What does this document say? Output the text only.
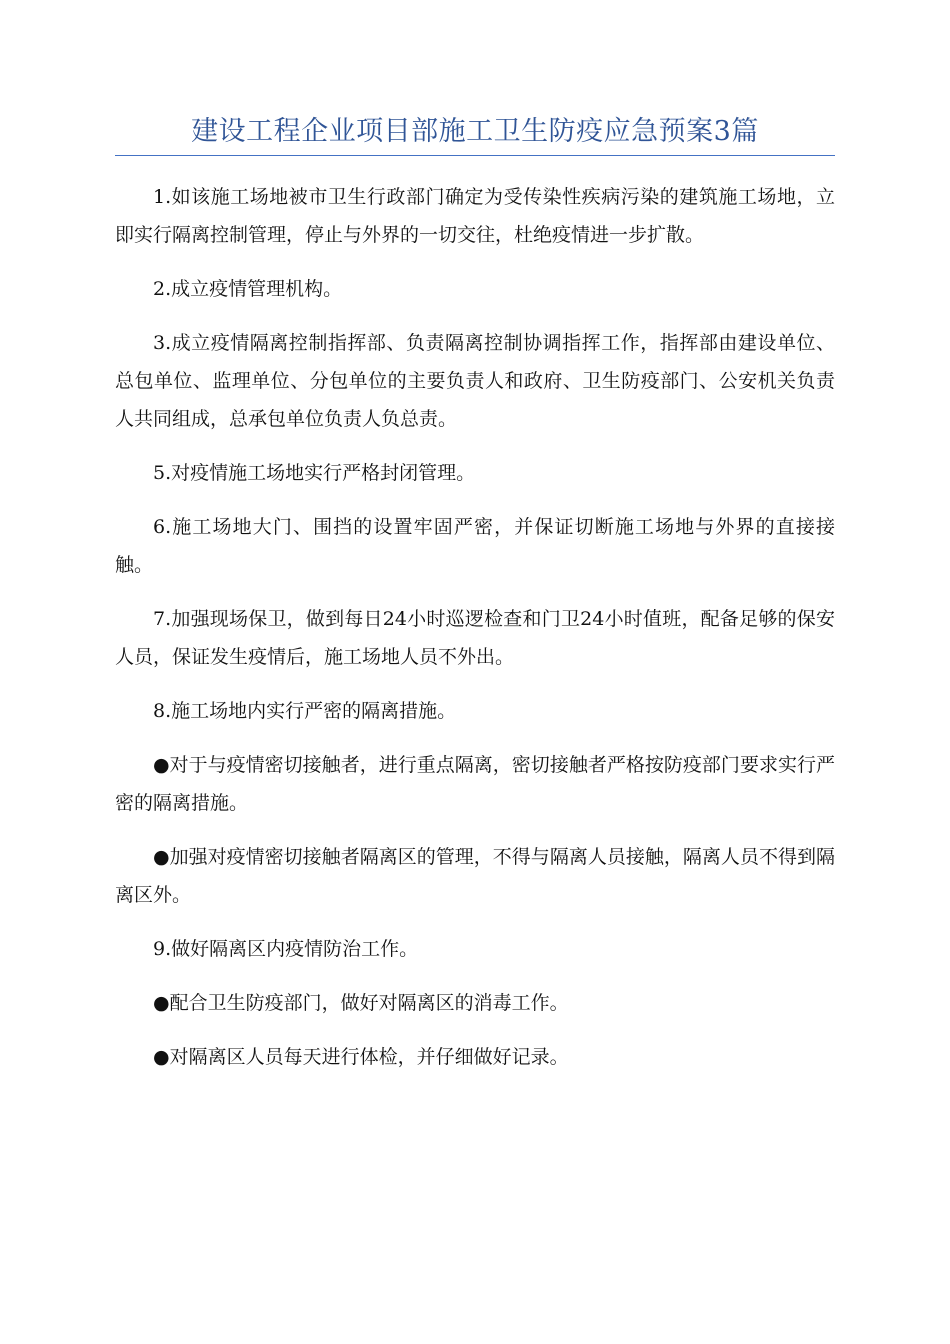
建设工程企业项目部施工卫生防疫应急预案3篇

1.如该施工场地被市卫生行政部门确定为受传染性疾病污染的建筑施工场地，立即实行隔离控制管理，停止与外界的一切交往，杜绝疫情进一步扩散。

2.成立疫情管理机构。

3.成立疫情隔离控制指挥部、负责隔离控制协调指挥工作，指挥部由建设单位、总包单位、监理单位、分包单位的主要负责人和政府、卫生防疫部门、公安机关负责人共同组成，总承包单位负责人负总责。

5.对疫情施工场地实行严格封闭管理。

6.施工场地大门、围挡的设置牢固严密，并保证切断施工场地与外界的直接接触。

7.加强现场保卫，做到每日24小时巡逻检查和门卫24小时值班，配备足够的保安人员，保证发生疫情后，施工场地人员不外出。

8.施工场地内实行严密的隔离措施。

●对于与疫情密切接触者，进行重点隔离，密切接触者严格按防疫部门要求实行严密的隔离措施。

●加强对疫情密切接触者隔离区的管理，不得与隔离人员接触，隔离人员不得到隔离区外。

9.做好隔离区内疫情防治工作。

●配合卫生防疫部门，做好对隔离区的消毒工作。

●对隔离区人员每天进行体检，并仔细做好记录。
